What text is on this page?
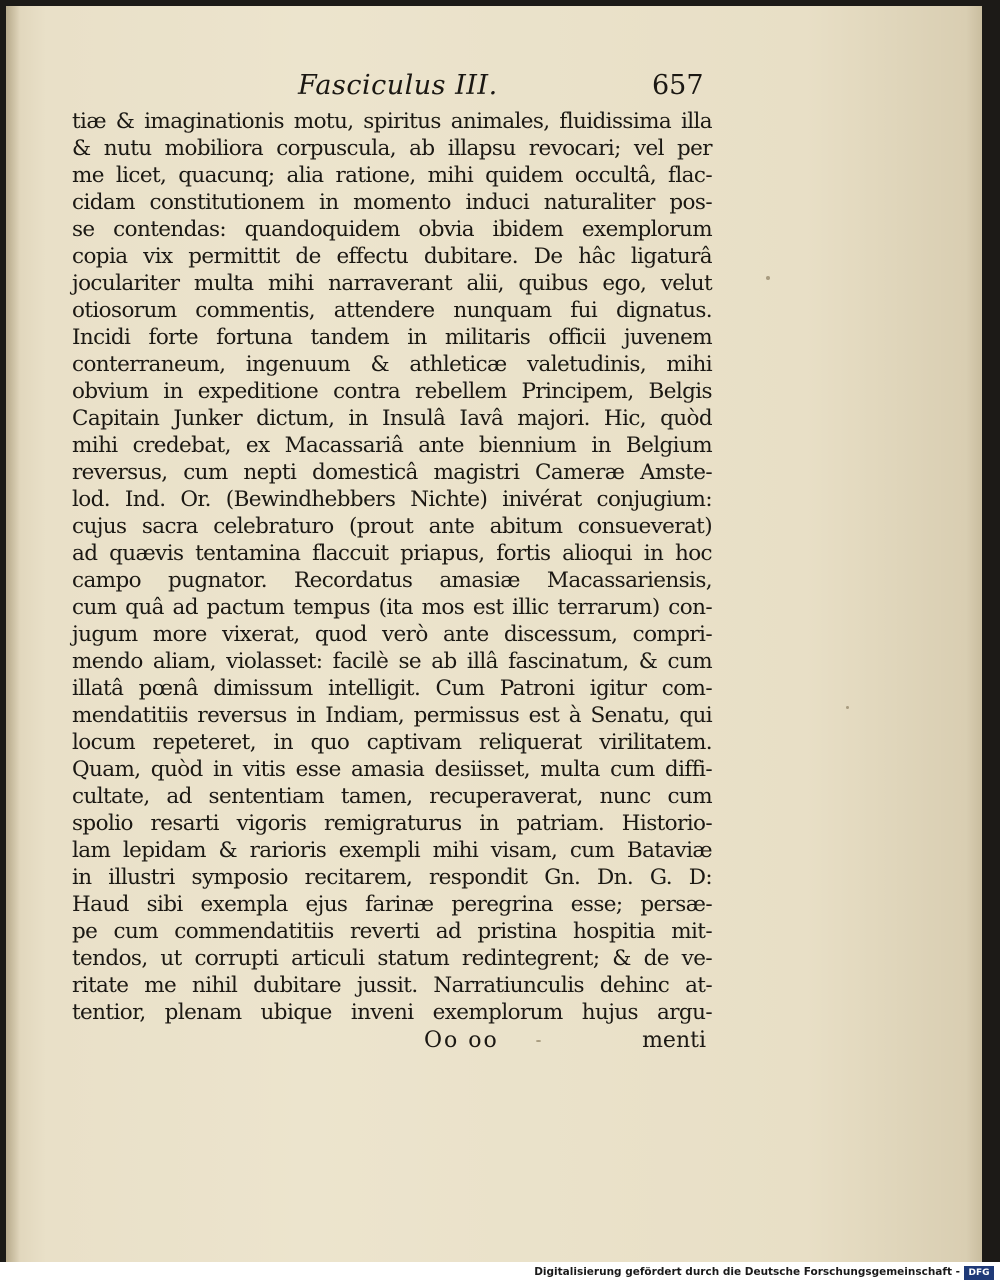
Fasciculus III.	657
tiæ & imaginationis motu, spiritus animales, fluidissima illa
& nutu mobiliora corpuscula, ab illapsu revocari; vel per
me licet, quacunq; alia ratione, mihi quidem occultâ, flac-
cidam constitutionem in momento induci naturaliter pos-
se contendas: quandoquidem obvia ibidem exemplorum
copia vix permittit de effectu dubitare. De hâc ligaturâ
joculariter multa mihi narraverant alii, quibus ego, velut
otiosorum commentis, attendere nunquam fui dignatus.
Incidi forte fortuna tandem in militaris officii juvenem
conterraneum, ingenuum & athleticæ valetudinis, mihi
obvium in expeditione contra rebellem Principem, Belgis
Capitain Junker dictum, in Insulâ Iavâ majori. Hic, quòd
mihi credebat, ex Macassariâ ante biennium in Belgium
reversus, cum nepti domesticâ magistri Cameræ Amste-
lod. Ind. Or. (Bewindhebbers Nichte) inivérat conjugium:
cujus sacra celebraturo (prout ante abitum consueverat)
ad quævis tentamina flaccuit priapus, fortis alioqui in hoc
campo pugnator. Recordatus amasiæ Macassariensis,
cum quâ ad pactum tempus (ita mos est illic terrarum) con-
jugum more vixerat, quod verò ante discessum, compri-
mendo aliam, violasset: facilè se ab illâ fascinatum, & cum
illatâ pœnâ dimissum intelligit. Cum Patroni igitur com-
mendatitiis reversus in Indiam, permissus est à Senatu, qui
locum repeteret, in quo captivam reliquerat virilitatem.
Quam, quòd in vitis esse amasia desiisset, multa cum diffi-
cultate, ad sententiam tamen, recuperaverat, nunc cum
spolio resarti vigoris remigraturus in patriam. Historio-
lam lepidam & rarioris exempli mihi visam, cum Bataviæ
in illustri symposio recitarem, respondit Gn. Dn. G. D:
Haud sibi exempla ejus farinæ peregrina esse; persæ-
pe cum commendatitiis reverti ad pristina hospitia mit-
tendos, ut corrupti articuli statum redintegrent; & de ve-
ritate me nihil dubitare jussit. Narratiunculis dehinc at-
tentior, plenam ubique inveni exemplorum hujus argu-
Oo oo	menti
Digitalisierung gefördert durch die Deutsche Forschungsgemeinschaft - DFG
